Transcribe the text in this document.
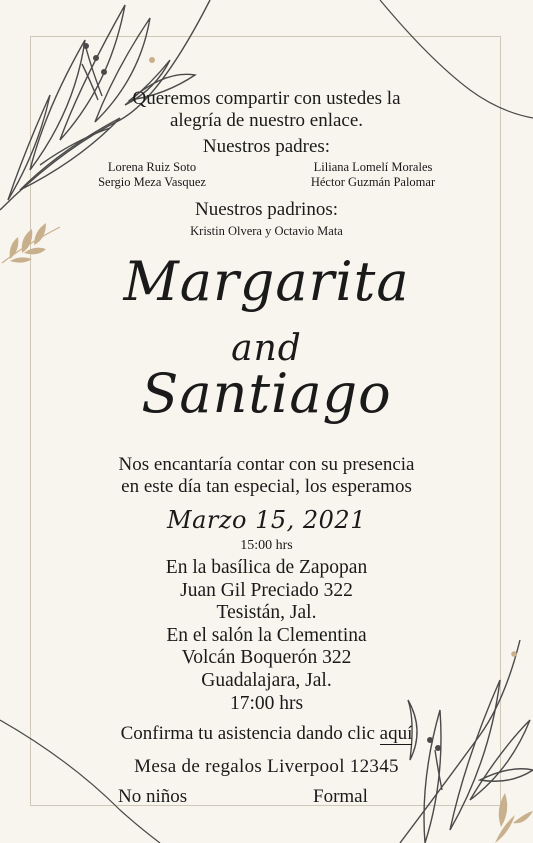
Queremos compartir con ustedes la
alegría de nuestro enlace.
Nuestros padres:
Lorena Ruiz Soto
Sergio Meza Vasquez
Liliana Lomelí Morales
Héctor Guzmán Palomar
Nuestros padrinos:
Kristin Olvera y Octavio Mata
Margarita
and
Santiago
Nos encantaría contar con su presencia
en este día tan especial, los esperamos
Marzo 15, 2021
15:00 hrs
En la basílica de Zapopan
Juan Gil Preciado 322
Tesistán, Jal.
En el salón la Clementina
Volcán Boquerón 322
Guadalajara, Jal.
17:00 hrs
Confirma tu asistencia dando clic aquí
Mesa de regalos Liverpool 12345
No niños	Formal
